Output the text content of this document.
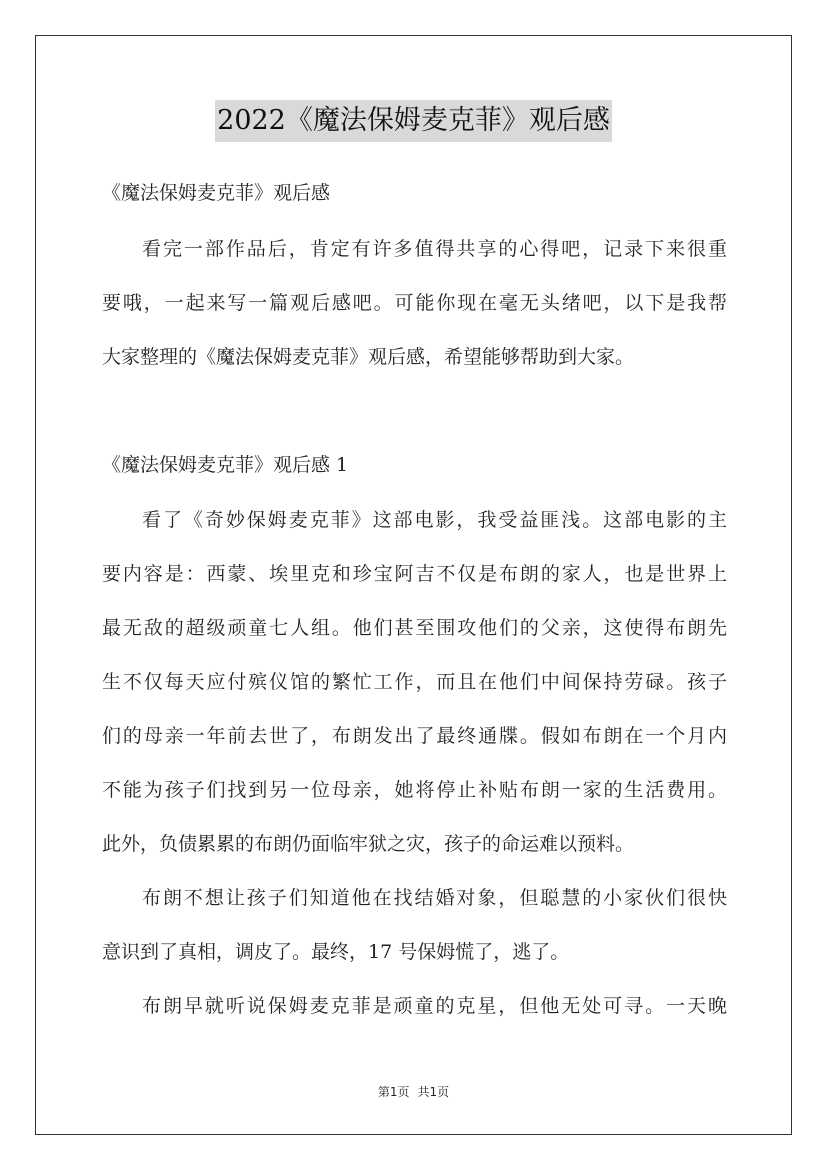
2022《魔法保姆麦克菲》观后感
《魔法保姆麦克菲》观后感
看完一部作品后，肯定有许多值得共享的心得吧，记录下来很重
要哦，一起来写一篇观后感吧。可能你现在毫无头绪吧，以下是我帮
大家整理的《魔法保姆麦克菲》观后感，希望能够帮助到大家。
《魔法保姆麦克菲》观后感 1
看了《奇妙保姆麦克菲》这部电影，我受益匪浅。这部电影的主
要内容是：西蒙、埃里克和珍宝阿吉不仅是布朗的家人，也是世界上
最无敌的超级顽童七人组。他们甚至围攻他们的父亲，这使得布朗先
生不仅每天应付殡仪馆的繁忙工作，而且在他们中间保持劳碌。孩子
们的母亲一年前去世了，布朗发出了最终通牒。假如布朗在一个月内
不能为孩子们找到另一位母亲，她将停止补贴布朗一家的生活费用。
此外，负债累累的布朗仍面临牢狱之灾，孩子的命运难以预料。
布朗不想让孩子们知道他在找结婚对象，但聪慧的小家伙们很快
意识到了真相，调皮了。最终，17 号保姆慌了，逃了。
布朗早就听说保姆麦克菲是顽童的克星，但他无处可寻。一天晚
第1页 共1页
